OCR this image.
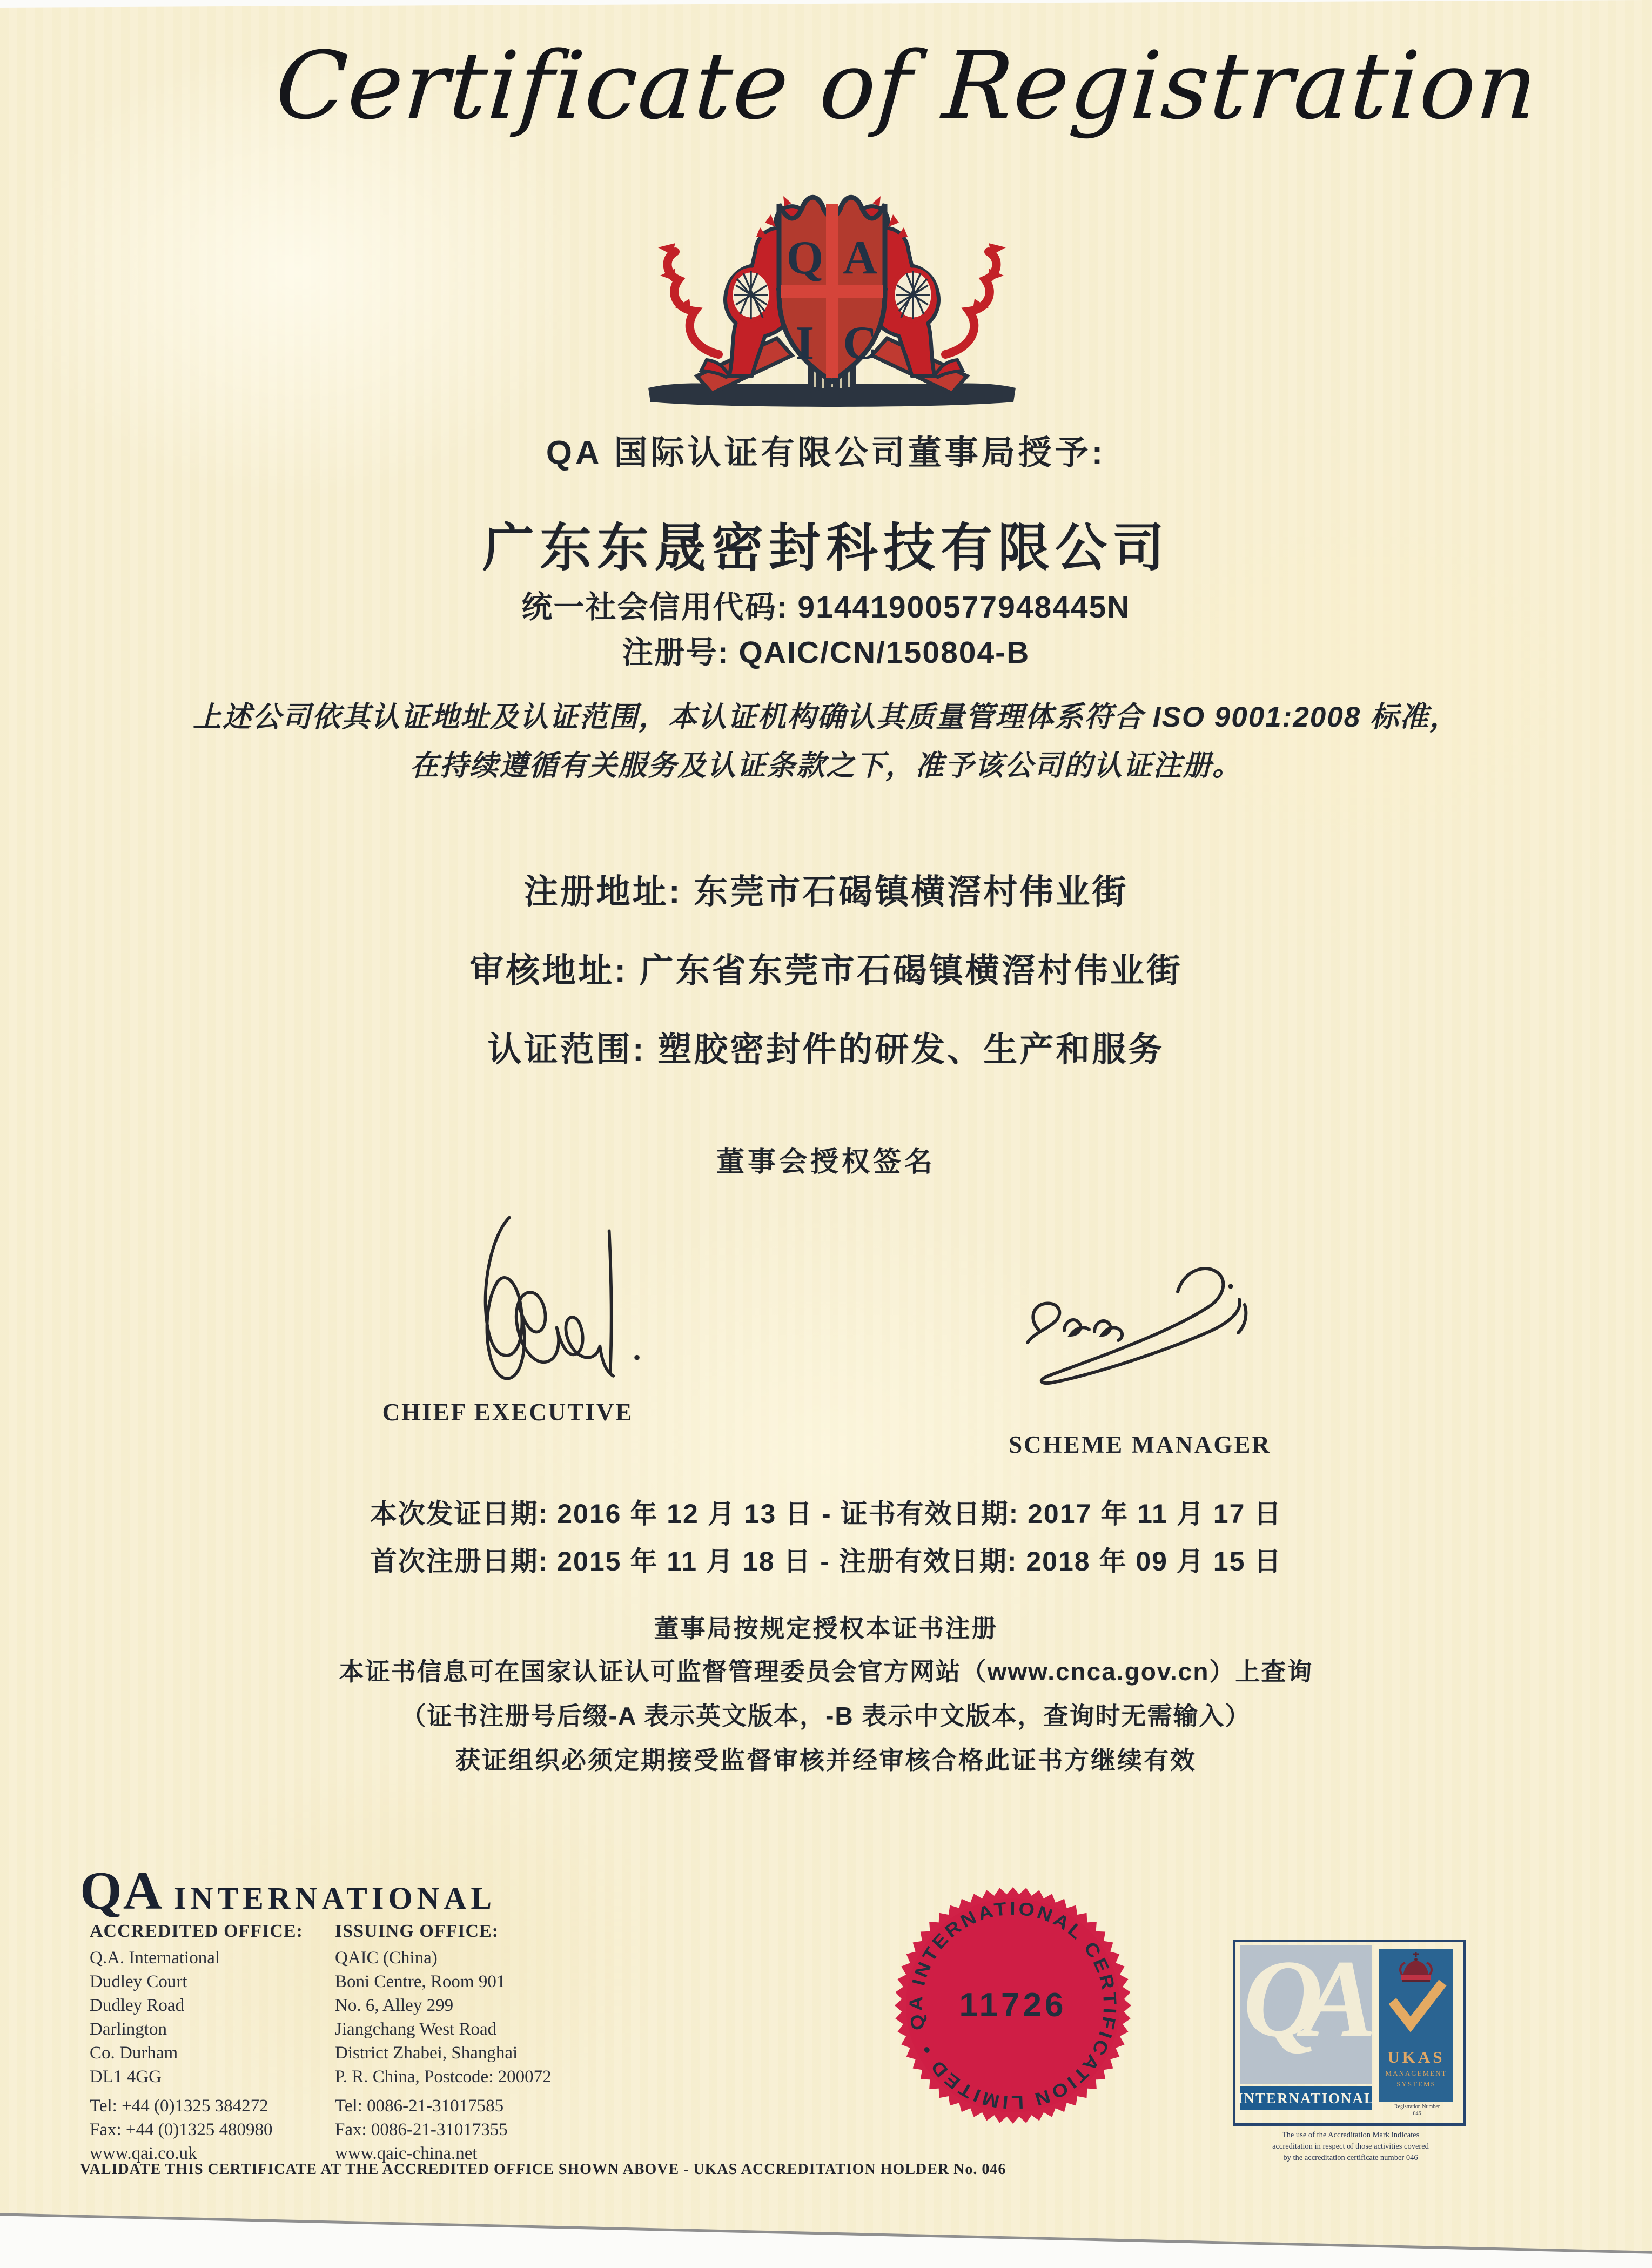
Certificate of Registration
Q A
I C
QA 国际认证有限公司董事局授予:
广东东晟密封科技有限公司
统一社会信用代码: 91441900577948445N
注册号: QAIC/CN/150804-B
上述公司依其认证地址及认证范围，本认证机构确认其质量管理体系符合 ISO 9001:2008 标准，
在持续遵循有关服务及认证条款之下，准予该公司的认证注册。
注册地址: 东莞市石碣镇横滘村伟业街
审核地址: 广东省东莞市石碣镇横滘村伟业街
认证范围: 塑胶密封件的研发、生产和服务
董事会授权签名
CHIEF EXECUTIVE
SCHEME MANAGER
本次发证日期: 2016 年 12 月 13 日 - 证书有效日期: 2017 年 11 月 17 日
首次注册日期: 2015 年 11 月 18 日 - 注册有效日期: 2018 年 09 月 15 日
董事局按规定授权本证书注册
本证书信息可在国家认证认可监督管理委员会官方网站（www.cnca.gov.cn）上查询
（证书注册号后缀-A 表示英文版本，-B 表示中文版本，查询时无需输入）
获证组织必须定期接受监督审核并经审核合格此证书方继续有效
QA INTERNATIONAL
ACCREDITED OFFICE:
Q.A. International
Dudley Court
Dudley Road
Darlington
Co. Durham
DL1 4GG
Tel: +44 (0)1325 384272
Fax: +44 (0)1325 480980
www.qai.co.uk
ISSUING OFFICE:
QAIC (China)
Boni Centre, Room 901
No. 6, Alley 299
Jiangchang West Road
District Zhabei, Shanghai
P. R. China, Postcode: 200072
Tel: 0086-21-31017585
Fax: 0086-21-31017355
www.qaic-china.net
VALIDATE THIS CERTIFICATE AT THE ACCREDITED OFFICE SHOWN ABOVE - UKAS ACCREDITATION HOLDER No. 046
QA INTERNATIONAL CERTIFICATION LIMITED •
11726 QA
INTERNATIONAL
UKAS
MANAGEMENT
SYSTEMS
Registration Number
046
The use of the Accreditation Mark indicates
accreditation in respect of those activities covered
by the accreditation certificate number 046
